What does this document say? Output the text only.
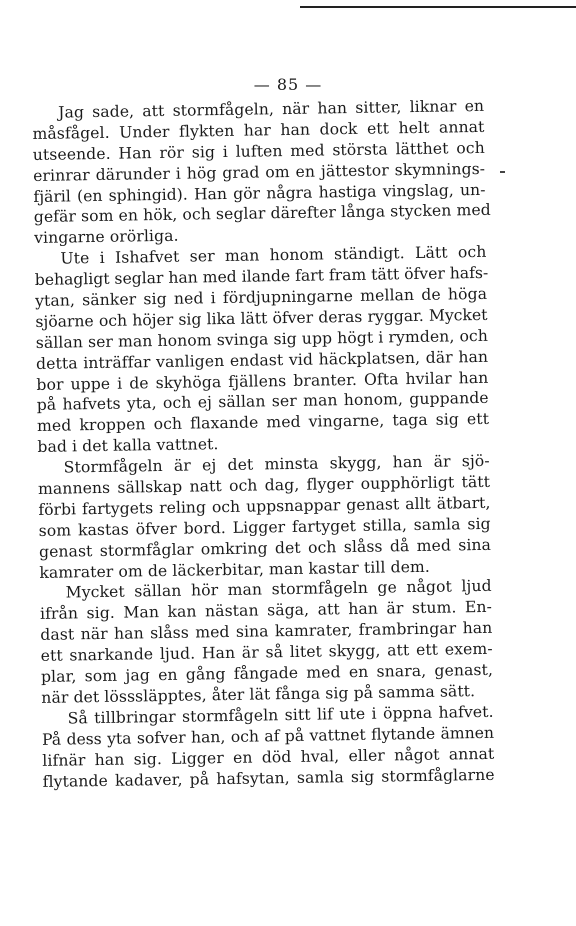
— 85 —
Jag sade, att stormfågeln, när han sitter, liknar en
måsfågel. Under flykten har han dock ett helt annat
utseende. Han rör sig i luften med största lätthet och
erinrar därunder i hög grad om en jättestor skymnings-
fjäril (en sphingid). Han gör några hastiga vingslag, un-
gefär som en hök, och seglar därefter långa stycken med
vingarne orörliga.
Ute i Ishafvet ser man honom ständigt. Lätt och
behagligt seglar han med ilande fart fram tätt öfver hafs-
ytan, sänker sig ned i fördjupningarne mellan de höga
sjöarne och höjer sig lika lätt öfver deras ryggar. Mycket
sällan ser man honom svinga sig upp högt i rymden, och
detta inträffar vanligen endast vid häckplatsen, där han
bor uppe i de skyhöga fjällens branter. Ofta hvilar han
på hafvets yta, och ej sällan ser man honom, guppande
med kroppen och flaxande med vingarne, taga sig ett
bad i det kalla vattnet.
Stormfågeln är ej det minsta skygg, han är sjö-
mannens sällskap natt och dag, flyger oupphörligt tätt
förbi fartygets reling och uppsnappar genast allt ätbart,
som kastas öfver bord. Ligger fartyget stilla, samla sig
genast stormfåglar omkring det och slåss då med sina
kamrater om de läckerbitar, man kastar till dem.
Mycket sällan hör man stormfågeln ge något ljud
ifrån sig. Man kan nästan säga, att han är stum. En-
dast när han slåss med sina kamrater, frambringar han
ett snarkande ljud. Han är så litet skygg, att ett exem-
plar, som jag en gång fångade med en snara, genast,
när det lösssläpptes, åter lät fånga sig på samma sätt.
Så tillbringar stormfågeln sitt lif ute i öppna hafvet.
På dess yta sofver han, och af på vattnet flytande ämnen
lifnär han sig. Ligger en död hval, eller något annat
flytande kadaver, på hafsytan, samla sig stormfåglarne
